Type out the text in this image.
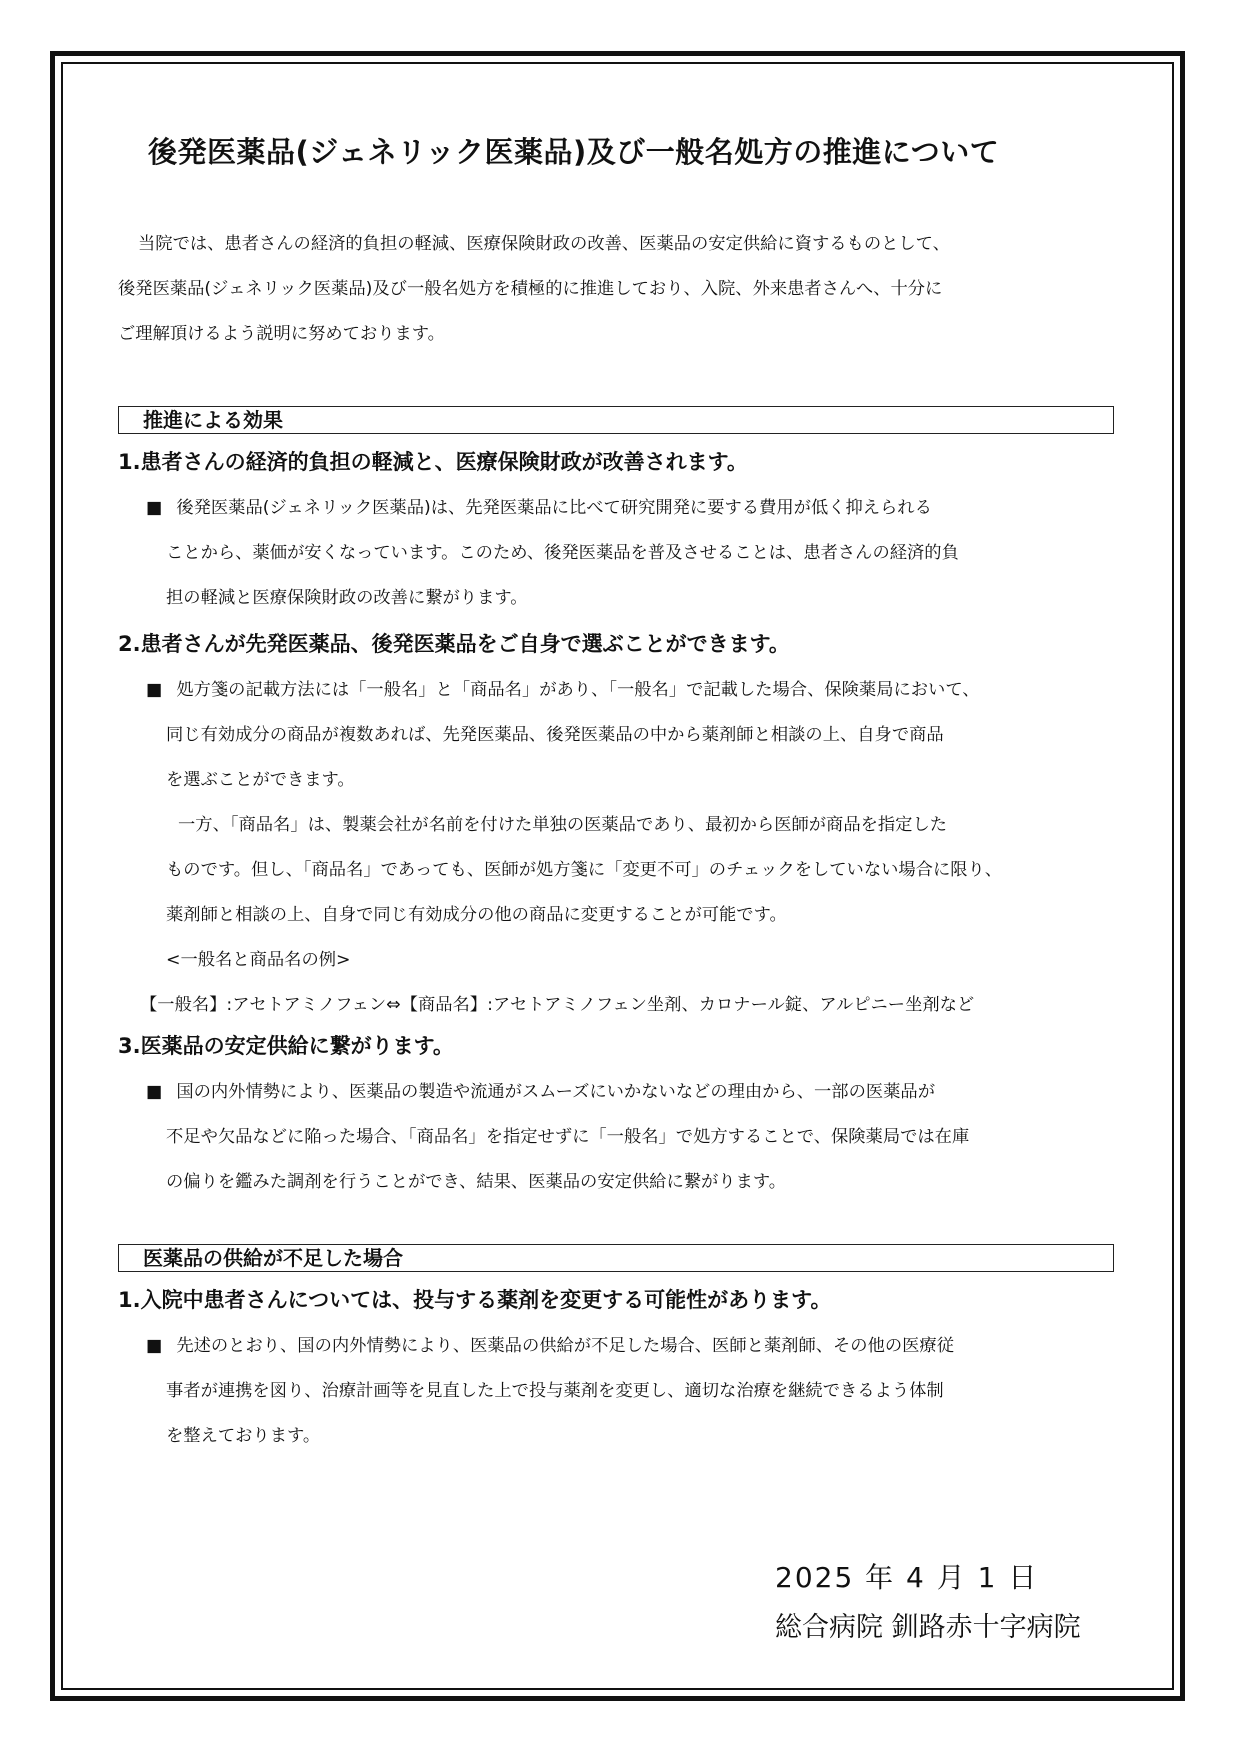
後発医薬品(ジェネリック医薬品)及び一般名処方の推進について

当院では、患者さんの経済的負担の軽減、医療保険財政の改善、医薬品の安定供給に資するものとして、

後発医薬品(ジェネリック医薬品)及び一般名処方を積極的に推進しており、入院、外来患者さんへ、十分に
ご理解頂けるよう説明に努めております。
推進による効果
1.患者さんの経済的負担の軽減と、医療保険財政が改善されます。
■ 後発医薬品(ジェネリック医薬品)は、先発医薬品に比べて研究開発に要する費用が低く抑えられる
ことから、薬価が安くなっています。このため、後発医薬品を普及させることは、患者さんの経済的負
担の軽減と医療保険財政の改善に繋がります。
2.患者さんが先発医薬品、後発医薬品をご自身で選ぶことができます。
■ 処方箋の記載方法には「一般名」と「商品名」があり、「一般名」で記載した場合、保険薬局において、
同じ有効成分の商品が複数あれば、先発医薬品、後発医薬品の中から薬剤師と相談の上、自身で商品
を選ぶことができます。
一方、「商品名」は、製薬会社が名前を付けた単独の医薬品であり、最初から医師が商品を指定した
ものです。但し、「商品名」であっても、医師が処方箋に「変更不可」のチェックをしていない場合に限り、
薬剤師と相談の上、自身で同じ有効成分の他の商品に変更することが可能です。
<一般名と商品名の例>
【一般名】:アセトアミノフェン⇔【商品名】:アセトアミノフェン坐剤、カロナール錠、アルピニー坐剤など
3.医薬品の安定供給に繋がります。
■ 国の内外情勢により、医薬品の製造や流通がスムーズにいかないなどの理由から、一部の医薬品が
不足や欠品などに陥った場合、「商品名」を指定せずに「一般名」で処方することで、保険薬局では在庫
の偏りを鑑みた調剤を行うことができ、結果、医薬品の安定供給に繋がります。
医薬品の供給が不足した場合
1.入院中患者さんについては、投与する薬剤を変更する可能性があります。
■ 先述のとおり、国の内外情勢により、医薬品の供給が不足した場合、医師と薬剤師、その他の医療従
事者が連携を図り、治療計画等を見直した上で投与薬剤を変更し、適切な治療を継続できるよう体制
を整えております。
2025 年 4 月 1 日
総合病院 釧路赤十字病院
